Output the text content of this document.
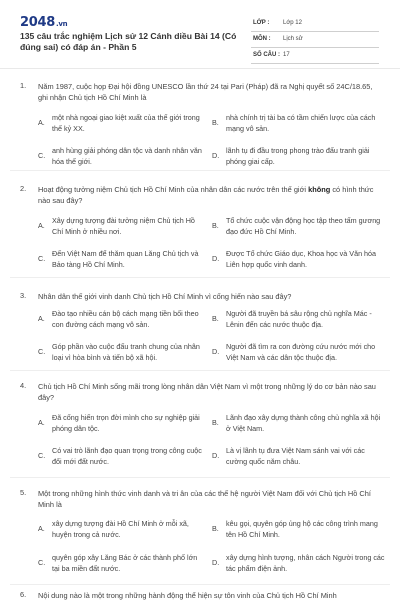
2048.vn
135 câu trắc nghiệm Lịch sử 12 Cánh diều Bài 14 (Có đúng sai) có đáp án - Phần 5
LỚP : Lớp 12
MÔN : Lịch sử
SỐ CÂU : 17
1. Năm 1987, cuộc họp Đại hội đồng UNESCO lần thứ 24 tại Pari (Pháp) đã ra Nghị quyết số 24C/18.65, ghi nhận Chủ tịch Hồ Chí Minh là
A.
một nhà ngoại giao kiệt xuất của thế giới trong thế kỷ XX.
B.
nhà chính trị tài ba có tầm chiến lược của cách mạng vô sản.
C.
anh hùng giải phóng dân tộc và danh nhân văn hóa thế giới.
D.
lãnh tụ đi đầu trong phong trào đấu tranh giải phóng giai cấp.
2. Hoạt động tưởng niệm Chủ tịch Hồ Chí Minh của nhân dân các nước trên thế giới không có hình thức nào sau đây?
A.
Xây dựng tượng đài tưởng niệm Chủ tịch Hồ Chí Minh ở nhiều nơi.
B.
Tổ chức cuộc vận động học tập theo tấm gương đạo đức Hồ Chí Minh.
C.
Đến Việt Nam để thăm quan Lăng Chủ tịch và Bảo tàng Hồ Chí Minh.
D.
Được Tổ chức Giáo dục, Khoa học và Văn hóa Liên hợp quốc vinh danh.
3. Nhân dân thế giới vinh danh Chủ tịch Hồ Chí Minh vì cống hiến nào sau đây?
A.
Đào tạo nhiều cán bộ cách mạng tiền bối theo con đường cách mạng vô sản.
B.
Người đã truyền bá sâu rộng chủ nghĩa Mác - Lênin đến các nước thuộc địa.
C.
Góp phần vào cuộc đấu tranh chung của nhân loại vì hòa bình và tiến bộ xã hội.
D.
Người đã tìm ra con đường cứu nước mới cho Việt Nam và các dân tộc thuộc địa.
4. Chủ tịch Hồ Chí Minh sống mãi trong lòng nhân dân Việt Nam vì một trong những lý do cơ bản nào sau đây?
A.
Đã cống hiến trọn đời mình cho sự nghiệp giải phóng dân tộc.
B.
Lãnh đạo xây dựng thành công chủ nghĩa xã hội ở Việt Nam.
C.
Có vai trò lãnh đạo quan trọng trong công cuộc đổi mới đất nước.
D.
Là vị lãnh tụ đưa Việt Nam sánh vai với các cường quốc năm châu.
5. Một trong những hình thức vinh danh và tri ân của các thế hệ người Việt Nam đối với Chủ tịch Hồ Chí Minh là
A.
xây dựng tượng đài Hồ Chí Minh ở mỗi xã, huyện trong cả nước.
B.
kêu gọi, quyên góp ủng hộ các công trình mang tên Hồ Chí Minh.
C.
quyên góp xây Lăng Bác ở các thành phố lớn tại ba miền đất nước.
D.
xây dựng hình tượng, nhân cách Người trong các tác phẩm điện ảnh.
6. Nội dung nào là một trong những hành động thể hiện sự tôn vinh của Chủ tịch Hồ Chí Minh
